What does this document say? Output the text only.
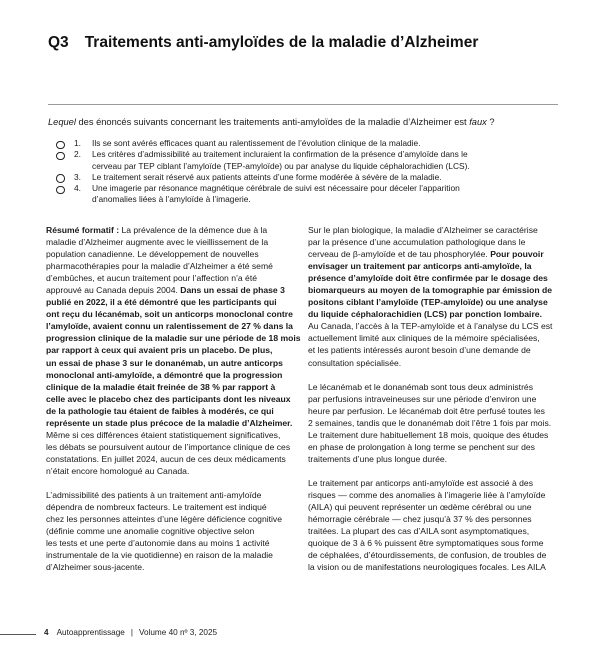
Q3 Traitements anti-amyloïdes de la maladie d’Alzheimer

Lequel des énoncés suivants concernant les traitements anti-amyloïdes de la maladie d’Alzheimer est faux ?

1. Ils se sont avérés efficaces quant au ralentissement de l’évolution clinique de la maladie.
2. Les critères d’admissibilité au traitement incluraient la confirmation de la présence d’amyloïde dans le
cerveau par TEP ciblant l’amyloïde (TEP-amyloïde) ou par analyse du liquide céphalorachidien (LCS).
3. Le traitement serait réservé aux patients atteints d’une forme modérée à sévère de la maladie.
4. Une imagerie par résonance magnétique cérébrale de suivi est nécessaire pour déceler l’apparition
d’anomalies liées à l’amyloïde à l’imagerie.

Résumé formatif : La prévalence de la démence due à la
maladie d’Alzheimer augmente avec le vieillissement de la
population canadienne. Le développement de nouvelles
pharmacothérapies pour la maladie d’Alzheimer a été semé
d’embûches, et aucun traitement pour l’affection n’a été
approuvé au Canada depuis 2004. Dans un essai de phase 3
publié en 2022, il a été démontré que les participants qui
ont reçu du lécanémab, soit un anticorps monoclonal contre
l’amyloïde, avaient connu un ralentissement de 27 % dans la
progression clinique de la maladie sur une période de 18 mois
par rapport à ceux qui avaient pris un placebo. De plus,
un essai de phase 3 sur le donanémab, un autre anticorps
monoclonal anti-amyloïde, a démontré que la progression
clinique de la maladie était freinée de 38 % par rapport à
celle avec le placebo chez des participants dont les niveaux
de la pathologie tau étaient de faibles à modérés, ce qui
représente un stade plus précoce de la maladie d’Alzheimer.
Même si ces différences étaient statistiquement significatives,
les débats se poursuivent autour de l’importance clinique de ces
constatations. En juillet 2024, aucun de ces deux médicaments
n’était encore homologué au Canada.

L’admissibilité des patients à un traitement anti-amyloïde
dépendra de nombreux facteurs. Le traitement est indiqué
chez les personnes atteintes d’une légère déficience cognitive
(définie comme une anomalie cognitive objective selon
les tests et une perte d’autonomie dans au moins 1 activité
instrumentale de la vie quotidienne) en raison de la maladie
d’Alzheimer sous-jacente.

Sur le plan biologique, la maladie d’Alzheimer se caractérise
par la présence d’une accumulation pathologique dans le
cerveau de β-amyloïde et de tau phosphorylée. Pour pouvoir
envisager un traitement par anticorps anti-amyloïde, la
présence d’amyloïde doit être confirmée par le dosage des
biomarqueurs au moyen de la tomographie par émission de
positons ciblant l’amyloïde (TEP-amyloïde) ou une analyse
du liquide céphalorachidien (LCS) par ponction lombaire.
Au Canada, l’accès à la TEP-amyloïde et à l’analyse du LCS est
actuellement limité aux cliniques de la mémoire spécialisées,
et les patients intéressés auront besoin d’une demande de
consultation spécialisée.

Le lécanémab et le donanémab sont tous deux administrés
par perfusions intraveineuses sur une période d’environ une
heure par perfusion. Le lécanémab doit être perfusé toutes les
2 semaines, tandis que le donanémab doit l’être 1 fois par mois.
Le traitement dure habituellement 18 mois, quoique des études
en phase de prolongation à long terme se penchent sur des
traitements d’une plus longue durée.

Le traitement par anticorps anti-amyloïde est associé à des
risques — comme des anomalies à l’imagerie liée à l’amyloïde
(AILA) qui peuvent représenter un œdème cérébral ou une
hémorragie cérébrale — chez jusqu’à 37 % des personnes
traitées. La plupart des cas d’AILA sont asymptomatiques,
quoique de 3 à 6 % puissent être symptomatiques sous forme
de céphalées, d’étourdissements, de confusion, de troubles de
la vision ou de manifestations neurologiques focales. Les AILA

4 Autoapprentissage | Volume 40 nº 3, 2025
